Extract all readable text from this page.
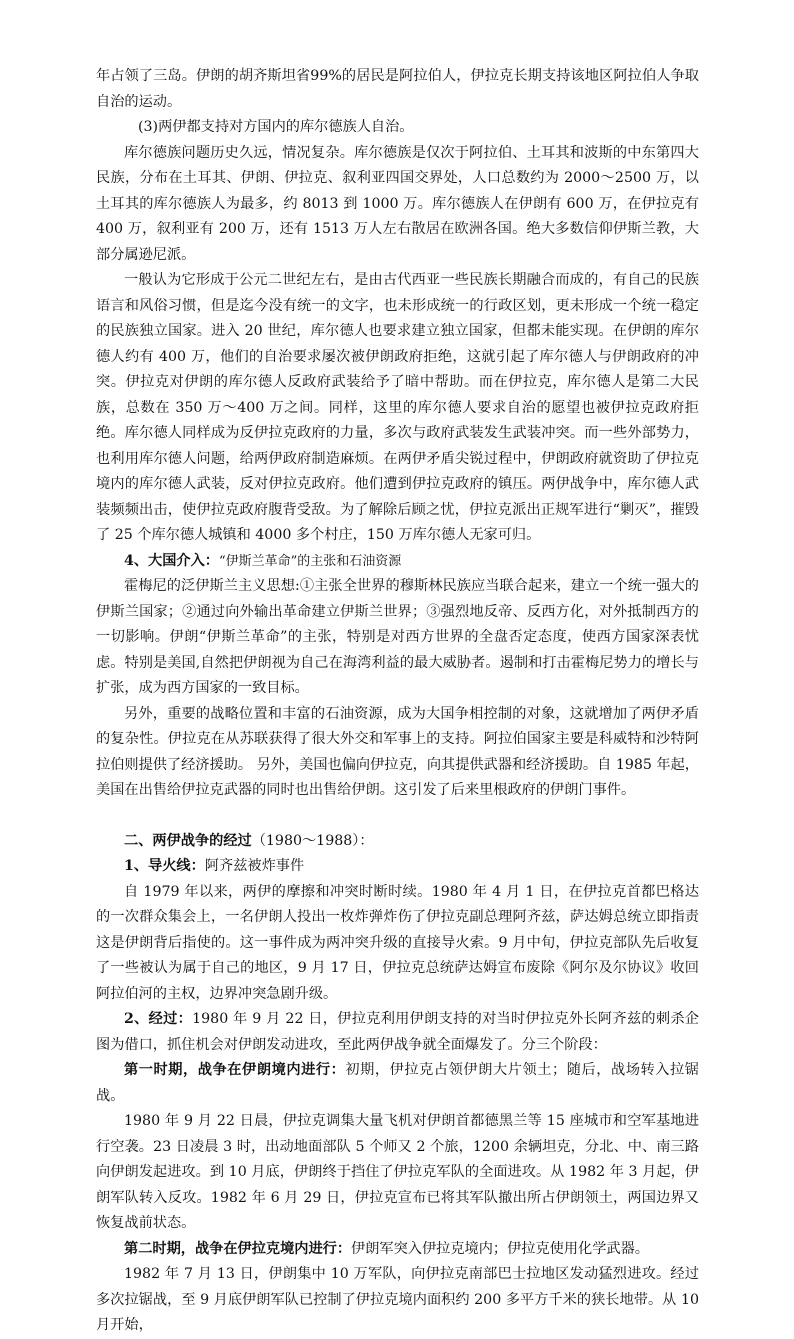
年占领了三岛。伊朗的胡齐斯坦省99%的居民是阿拉伯人，伊拉克长期支持该地区阿拉伯人争取自治的运动。

(3)两伊都支持对方国内的库尔德族人自治。

库尔德族问题历史久远，情况复杂。库尔德族是仅次于阿拉伯、土耳其和波斯的中东第四大民族，分布在土耳其、伊朗、伊拉克、叙利亚四国交界处，人口总数约为 2000～2500 万，以土耳其的库尔德族人为最多，约 8013 到 1000 万。库尔德族人在伊朗有 600 万，在伊拉克有 400 万，叙利亚有 200 万，还有 1513 万人左右散居在欧洲各国。绝大多数信仰伊斯兰教，大部分属逊尼派。

一般认为它形成于公元二世纪左右，是由古代西亚一些民族长期融合而成的，有自己的民族语言和风俗习惯，但是迄今没有统一的文字，也未形成统一的行政区划，更未形成一个统一稳定的民族独立国家。进入 20 世纪，库尔德人也要求建立独立国家，但都未能实现。在伊朗的库尔德人约有 400 万，他们的自治要求屡次被伊朗政府拒绝，这就引起了库尔德人与伊朗政府的冲突。伊拉克对伊朗的库尔德人反政府武装给予了暗中帮助。而在伊拉克，库尔德人是第二大民族，总数在 350 万～400 万之间。同样，这里的库尔德人要求自治的愿望也被伊拉克政府拒绝。库尔德人同样成为反伊拉克政府的力量，多次与政府武装发生武装冲突。而一些外部势力，也利用库尔德人问题，给两伊政府制造麻烦。在两伊矛盾尖锐过程中，伊朗政府就资助了伊拉克境内的库尔德人武装，反对伊拉克政府。他们遭到伊拉克政府的镇压。两伊战争中，库尔德人武装频频出击，使伊拉克政府腹背受敌。为了解除后顾之忧，伊拉克派出正规军进行“剿灭”，摧毁了 25 个库尔德人城镇和 4000 多个村庄，150 万库尔德人无家可归。

4、大国介入：“伊斯兰革命”的主张和石油资源

霍梅尼的泛伊斯兰主义思想:①主张全世界的穆斯林民族应当联合起来，建立一个统一强大的伊斯兰国家；②通过向外输出革命建立伊斯兰世界；③强烈地反帝、反西方化，对外抵制西方的一切影响。伊朗“伊斯兰革命”的主张，特别是对西方世界的全盘否定态度，使西方国家深表忧虑。特别是美国,自然把伊朗视为自己在海湾利益的最大威胁者。遏制和打击霍梅尼势力的增长与扩张，成为西方国家的一致目标。

另外，重要的战略位置和丰富的石油资源，成为大国争相控制的对象，这就增加了两伊矛盾的复杂性。伊拉克在从苏联获得了很大外交和军事上的支持。阿拉伯国家主要是科威特和沙特阿拉伯则提供了经济援助。 另外，美国也偏向伊拉克，向其提供武器和经济援助。自 1985 年起，美国在出售给伊拉克武器的同时也出售给伊朗。这引发了后来里根政府的伊朗门事件。

二、两伊战争的经过（1980～1988）：

1、导火线：阿齐兹被炸事件

自 1979 年以来，两伊的摩擦和冲突时断时续。1980 年 4 月 1 日，在伊拉克首都巴格达的一次群众集会上，一名伊朗人投出一枚炸弹炸伤了伊拉克副总理阿齐兹，萨达姆总统立即指责这是伊朗背后指使的。这一事件成为两冲突升级的直接导火索。9 月中旬，伊拉克部队先后收复了一些被认为属于自己的地区，9 月 17 日，伊拉克总统萨达姆宣布废除《阿尔及尔协议》收回阿拉伯河的主权，边界冲突急剧升级。

2、经过：1980 年 9 月 22 日，伊拉克利用伊朗支持的对当时伊拉克外长阿齐兹的刺杀企图为借口，抓住机会对伊朗发动进攻，至此两伊战争就全面爆发了。分三个阶段：

第一时期，战争在伊朗境内进行：初期，伊拉克占领伊朗大片领土；随后，战场转入拉锯战。

1980 年 9 月 22 日晨，伊拉克调集大量飞机对伊朗首都德黑兰等 15 座城市和空军基地进行空袭。23 日凌晨 3 时，出动地面部队 5 个师又 2 个旅，1200 余辆坦克，分北、中、南三路向伊朗发起进攻。到 10 月底，伊朗终于挡住了伊拉克军队的全面进攻。从 1982 年 3 月起，伊朗军队转入反攻。1982 年 6 月 29 日，伊拉克宣布已将其军队撤出所占伊朗领土，两国边界又恢复战前状态。

第二时期，战争在伊拉克境内进行：伊朗军突入伊拉克境内；伊拉克使用化学武器。

1982 年 7 月 13 日，伊朗集中 10 万军队，向伊拉克南部巴士拉地区发动猛烈进攻。经过多次拉锯战，至 9 月底伊朗军队已控制了伊拉克境内面积约 200 多平方千米的狭长地带。从 10 月开始，
